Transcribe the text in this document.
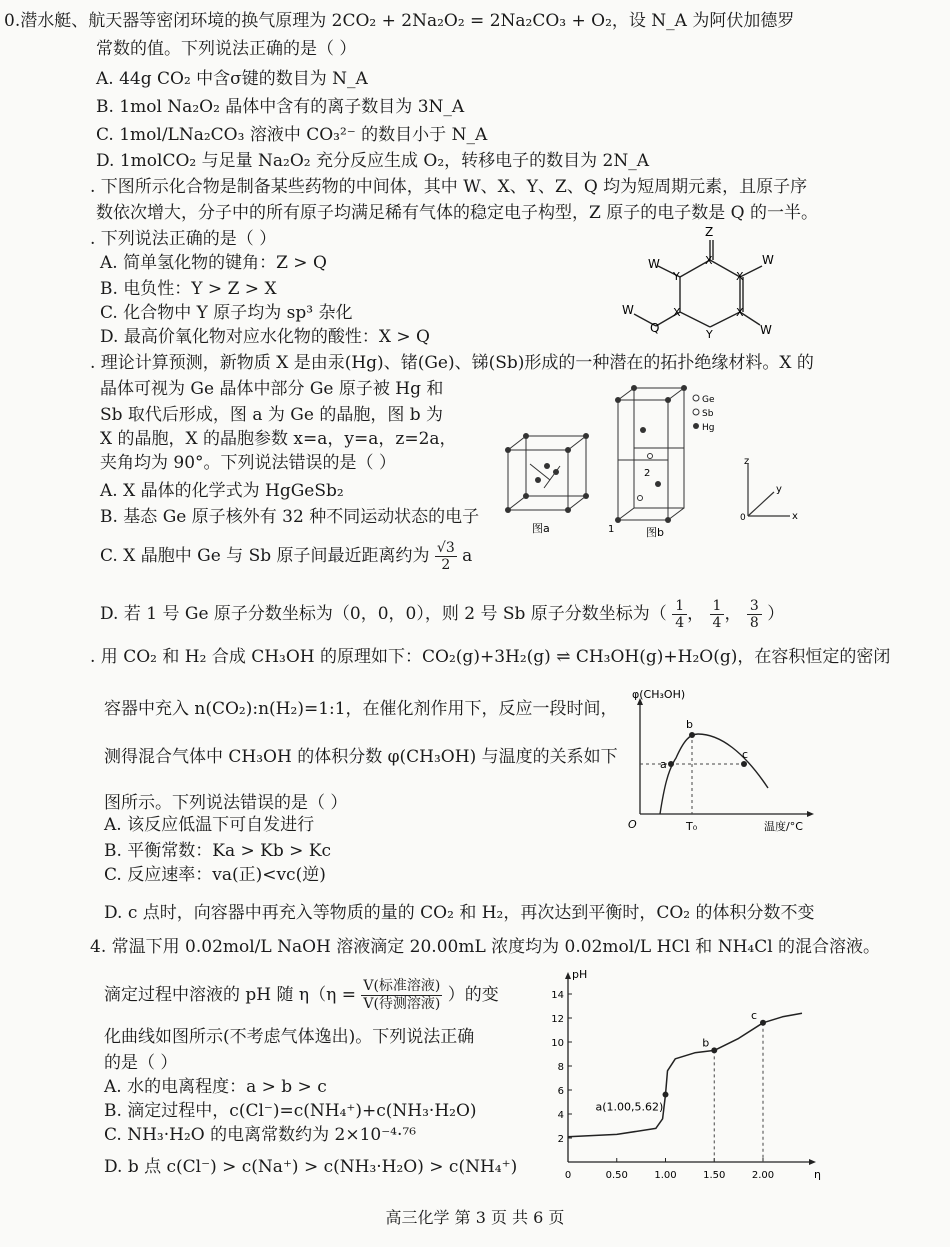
0.潜水艇、航天器等密闭环境的换气原理为 2CO₂ + 2Na₂O₂ = 2Na₂CO₃ + O₂，设 N_A 为阿伏加德罗
常数的值。下列说法正确的是（ ）
A. 44g CO₂ 中含σ键的数目为 N_A
B. 1mol Na₂O₂ 晶体中含有的离子数目为 3N_A
C. 1mol/LNa₂CO₃ 溶液中 CO₃²⁻ 的数目小于 N_A
D. 1molCO₂ 与足量 Na₂O₂ 充分反应生成 O₂，转移电子的数目为 2N_A
. 下图所示化合物是制备某些药物的中间体，其中 W、X、Y、Z、Q 均为短周期元素，且原子序
数依次增大，分子中的所有原子均满足稀有气体的稳定电子构型，Z 原子的电子数是 Q 的一半。
. 下列说法正确的是（ ）
A. 简单氢化物的键角：Z > Q
B. 电负性：Y > Z > X
C. 化合物中 Y 原子均为 sp³ 杂化
D. 最高价氧化物对应水化物的酸性：X > Q
Z
W
Y
X
X
W
X
Y
X
Q
W
W
. 理论计算预测，新物质 X 是由汞(Hg)、锗(Ge)、锑(Sb)形成的一种潜在的拓扑绝缘材料。X 的
晶体可视为 Ge 晶体中部分 Ge 原子被 Hg 和
Sb 取代后形成，图 a 为 Ge 的晶胞，图 b 为
X 的晶胞，X 的晶胞参数 x=a，y=a，z=2a，
夹角均为 90°。下列说法错误的是（ ）
A. X 晶体的化学式为 HgGeSb₂
B. 基态 Ge 原子核外有 32 种不同运动状态的电子
C. X 晶胞中 Ge 与 Sb 原子间最近距离约为 $\frac{√3}{2}$ a
D. 若 1 号 Ge 原子分数坐标为（0，0，0），则 2 号 Sb 原子分数坐标为（ $\frac{1}{4}$ ， $\frac{1}{4}$ ， $\frac{3}{8}$ ）
图a	1
2
图b
Ge
Sb
Hg
z
y
x
0
. 用 CO₂ 和 H₂ 合成 CH₃OH 的原理如下：CO₂(g)+3H₂(g) ⇌ CH₃OH(g)+H₂O(g)，在容积恒定的密闭
容器中充入 n(CO₂):n(H₂)=1:1，在催化剂作用下，反应一段时间，
测得混合气体中 CH₃OH 的体积分数 φ(CH₃OH) 与温度的关系如下
图所示。下列说法错误的是（ ）
A. 该反应低温下可自发进行
B. 平衡常数：Ka > Kb > Kc
C. 反应速率：va(正)<vc(逆)
D. c 点时，向容器中再充入等物质的量的 CO₂ 和 H₂，再次达到平衡时，CO₂ 的体积分数不变
a
b
c
φ(CH₃OH)
O	T₀	温度/°C
4. 常温下用 0.02mol/L NaOH 溶液滴定 20.00mL 浓度均为 0.02mol/L HCl 和 NH₄Cl 的混合溶液。
滴定过程中溶液的 pH 随 η（η = V(标准溶液)
V(待测溶液) ）的变
化曲线如图所示(不考虑气体逸出)。下列说法正确
的是（ ）
A. 水的电离程度：a > b > c
B. 滴定过程中，c(Cl⁻)=c(NH₄⁺)+c(NH₃·H₂O)
C. NH₃·H₂O 的电离常数约为 2×10⁻⁴·⁷⁶
D. b 点 c(Cl⁻) > c(Na⁺) > c(NH₃·H₂O) > c(NH₄⁺)
pH
η
2
4
6
8
10
12
14
0	0.50	1.00	1.50	2.00
a(1.00,5.62)
b
c
高三化学 第 3 页 共 6 页
